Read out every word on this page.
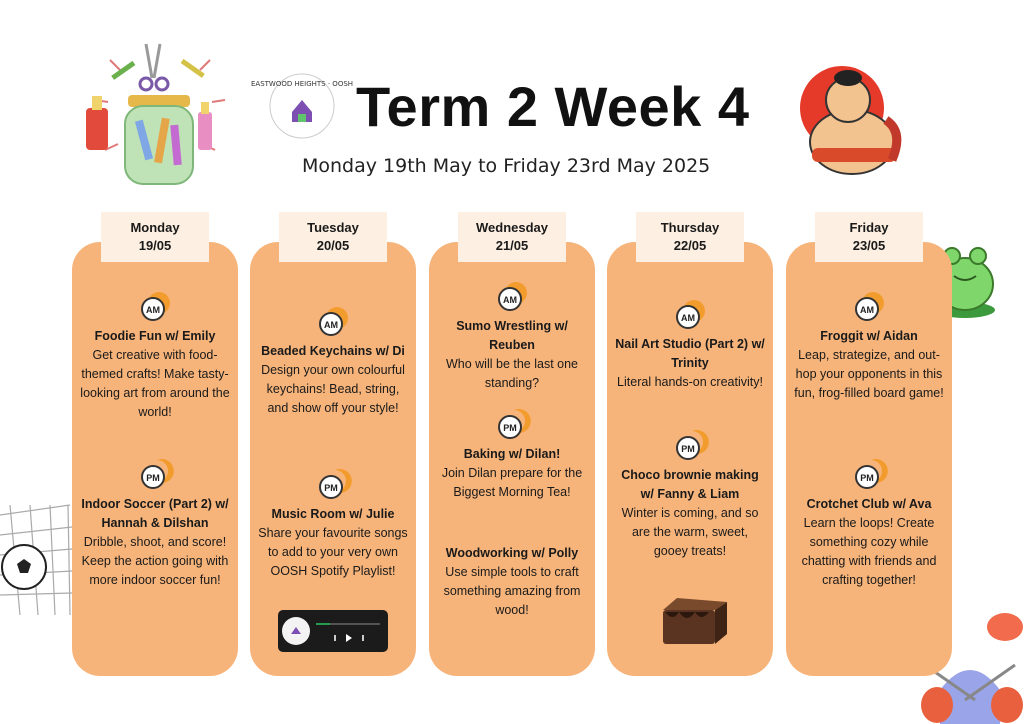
EASTWOOD HEIGHTS · OOSH Term 2 Week 4
Monday 19th May to Friday 23rd May 2025
Monday
19/05
AM
Foodie Fun w/ Emily
Get creative with food-themed crafts! Make tasty-looking art from around the world!
PM
Indoor Soccer (Part 2) w/ Hannah & Dilshan
Dribble, shoot, and score! Keep the action going with more indoor soccer fun!
Tuesday
20/05
AM
Beaded Keychains w/ Di
Design your own colourful keychains! Bead, string, and show off your style!
PM
Music Room w/ Julie
Share your favourite songs to add to your very own OOSH Spotify Playlist!
Wednesday
21/05
AM
Sumo Wrestling w/ Reuben
Who will be the last one standing?
PM
Baking w/ Dilan!
Join Dilan prepare for the Biggest Morning Tea!
Woodworking w/ Polly
Use simple tools to craft something amazing from wood!
Thursday
22/05
AM
Nail Art Studio (Part 2) w/ Trinity
Literal hands-on creativity!
PM
Choco brownie making w/ Fanny & Liam
Winter is coming, and so are the warm, sweet, gooey treats!
Friday
23/05
AM
Froggit w/ Aidan
Leap, strategize, and out-hop your opponents in this fun, frog-filled board game!
PM
Crotchet Club w/ Ava
Learn the loops! Create something cozy while chatting with friends and crafting together!
